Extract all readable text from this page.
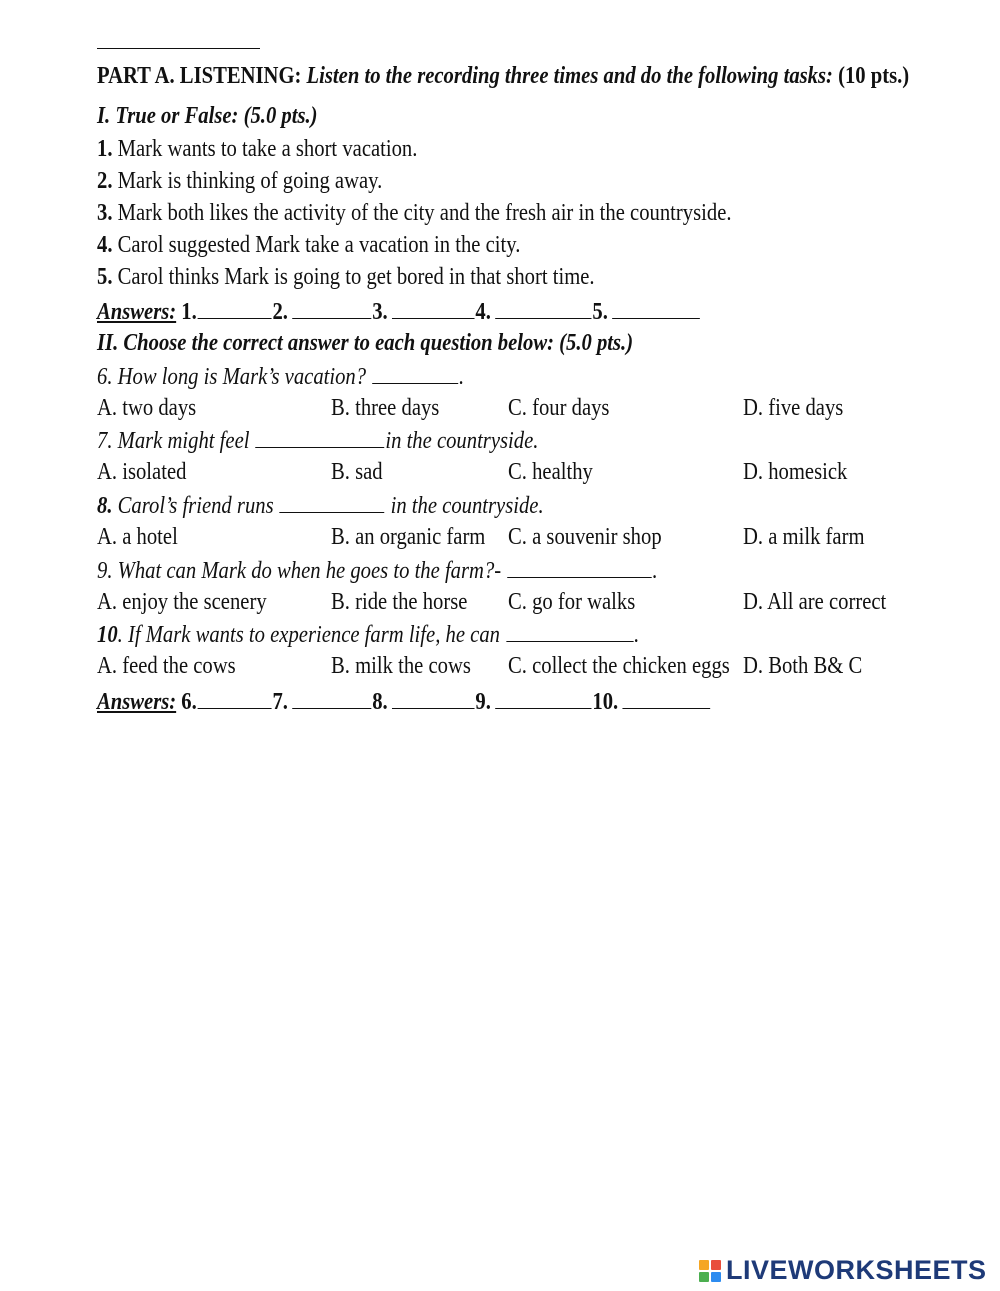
PART A. LISTENING: Listen to the recording three times and do the following tasks: (10 pts.)
I. True or False: (5.0 pts.)
1. Mark wants to take a short vacation.
2. Mark is thinking of going away.
3. Mark both likes the activity of the city and the fresh air in the countryside.
4. Carol suggested Mark take a vacation in the city.
5. Carol thinks Mark is going to get bored in that short time.
Answers: 1.	2.	3.	4.	5.
II. Choose the correct answer to each question below: (5.0 pts.)
6. How long is Mark’s vacation?	.
A. two days	B. three days	C. four days	D. five days
7. Mark might feel	in the countryside.
A. isolated	B. sad	C. healthy	D. homesick
8. Carol’s friend runs	in the countryside.
A. a hotel	B. an organic farm C. a souvenir shop	D. a milk farm
9. What can Mark do when he goes to the farm?-	.
A. enjoy the scenery	B. ride the horse C. go for walks	D. All are correct
10. If Mark wants to experience farm life, he can	.
A. feed the cows	B. milk the cows C. collect the chicken eggs D. Both B& C
Answers: 6.	7.	8.	9.	10.
LIVEWORKSHEETS
